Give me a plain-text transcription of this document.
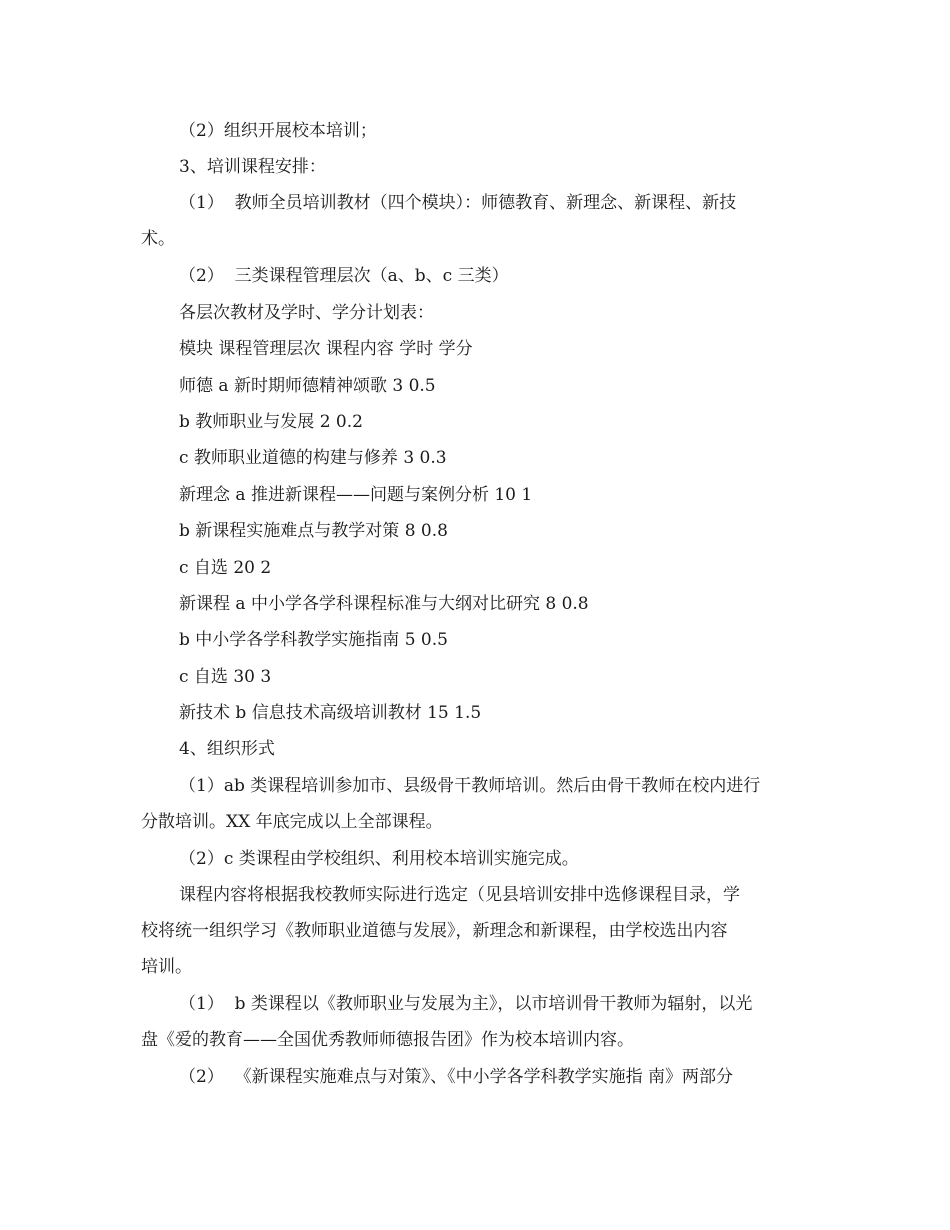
（2）组织开展校本培训；
3、培训课程安排：
（1）  教师全员培训教材（四个模块）：师德教育、新理念、新课程、新技
术。
（2）  三类课程管理层次（a、b、c 三类）
各层次教材及学时、学分计划表：
模块 课程管理层次 课程内容 学时 学分
师德 a 新时期师德精神颂歌 3 0.5
b 教师职业与发展 2 0.2
c 教师职业道德的构建与修养 3 0.3
新理念 a 推进新课程——问题与案例分析 10 1
b 新课程实施难点与教学对策 8 0.8
c 自选 20 2
新课程 a 中小学各学科课程标准与大纲对比研究 8 0.8
b 中小学各学科教学实施指南 5 0.5
c 自选 30 3
新技术 b 信息技术高级培训教材 15 1.5
4、组织形式
（1）ab 类课程培训参加市、县级骨干教师培训。然后由骨干教师在校内进行
分散培训。XX 年底完成以上全部课程。
（2）c 类课程由学校组织、利用校本培训实施完成。
课程内容将根据我校教师实际进行选定（见县培训安排中选修课程目录，学
校将统一组织学习《教师职业道德与发展》，新理念和新课程，由学校选出内容
培训。
（1）  b 类课程以《教师职业与发展为主》，以市培训骨干教师为辐射，以光
盘《爱的教育——全国优秀教师师德报告团》作为校本培训内容。
（2）  《新课程实施难点与对策》、《中小学各学科教学实施指 南》两部分
